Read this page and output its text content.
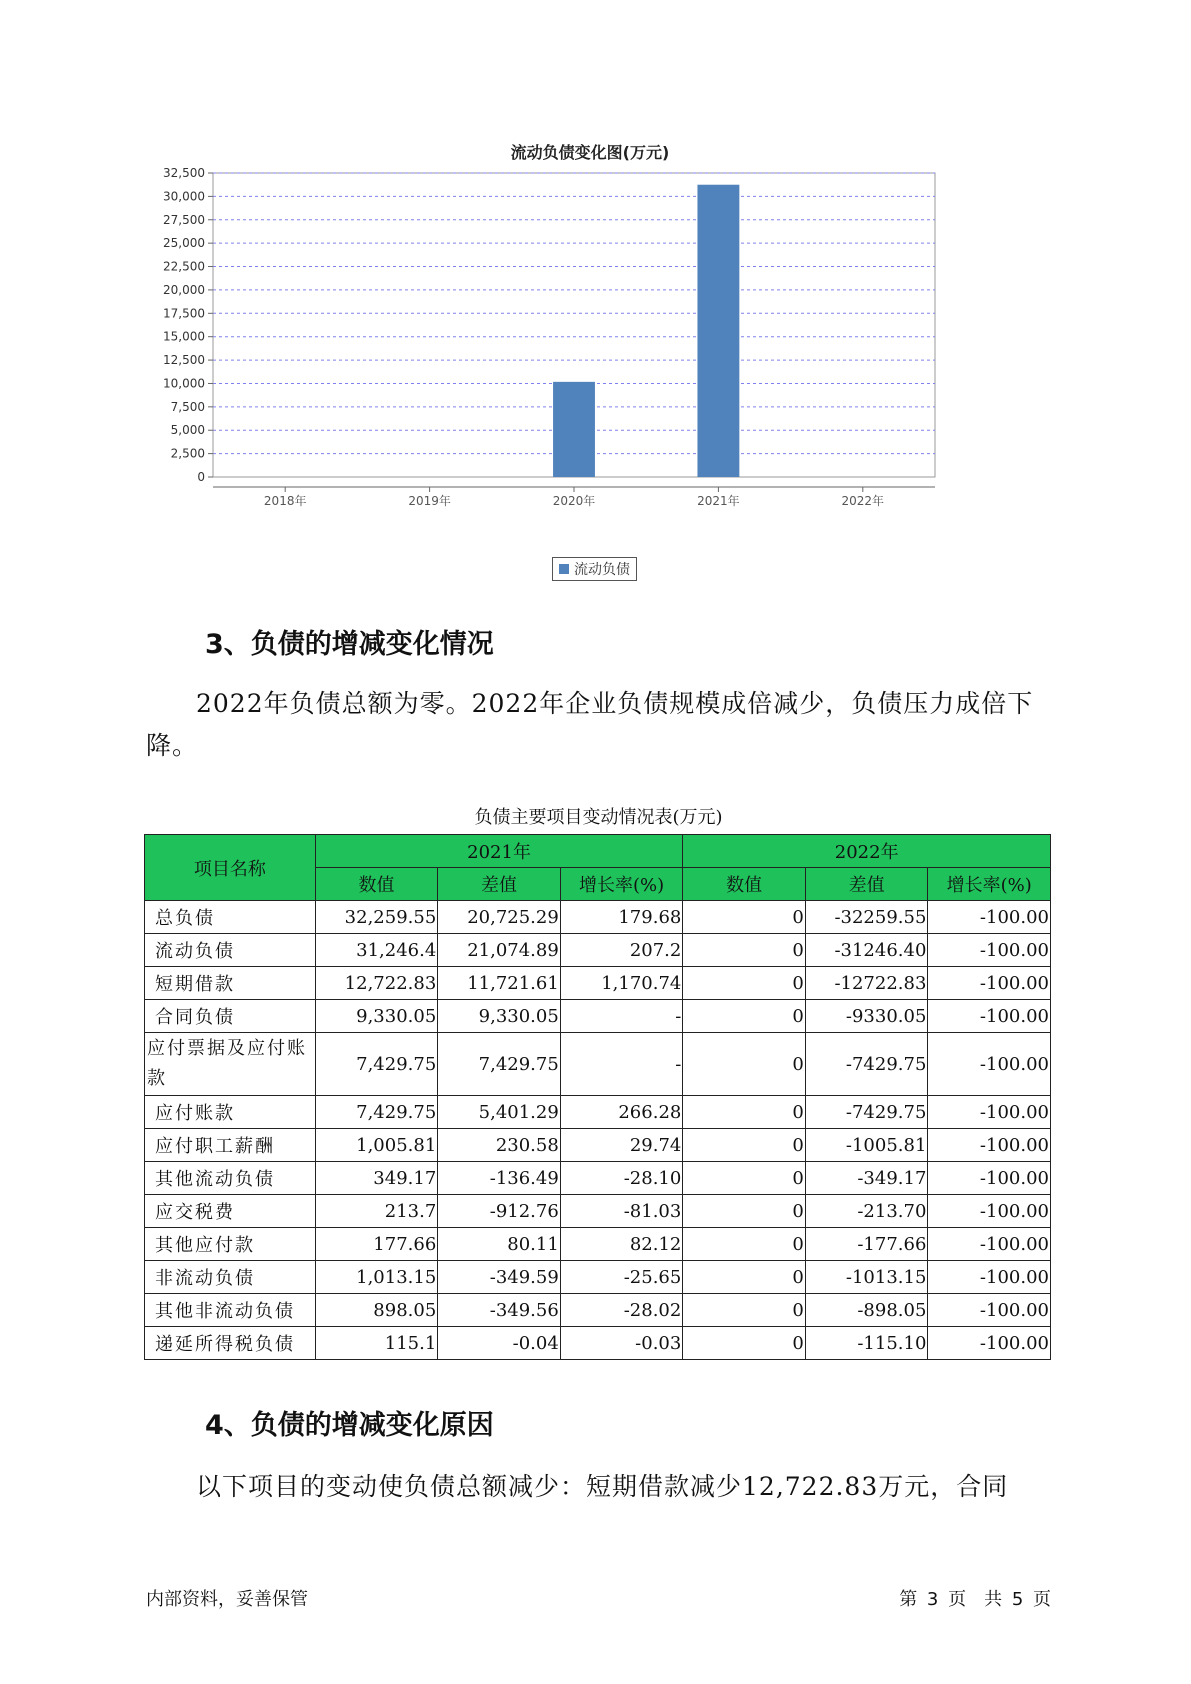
流动负债变化图(万元)
0
2,500
5,000
7,500
10,000
12,500
15,000
17,500
20,000
22,500
25,000
27,500
30,000
32,500
2018年	2019年	2020年	2021年	2022年
流动负债
3、负债的增减变化情况
2022年负债总额为零。2022年企业负债规模成倍减少，负债压力成倍下降。
负债主要项目变动情况表(万元)
项目名称	2021年			2022年		
	数值	差值	增长率(%)	数值	差值	增长率(%)
总负债	32,259.55	20,725.29	179.68	0	-32259.55	-100.00
流动负债	31,246.4	21,074.89	207.2	0	-31246.40	-100.00
短期借款	12,722.83	11,721.61	1,170.74	0	-12722.83	-100.00
合同负债	9,330.05	9,330.05	-	0	-9330.05	-100.00
应付票据及应付账款	7,429.75	7,429.75	-	0	-7429.75	-100.00
应付账款	7,429.75	5,401.29	266.28	0	-7429.75	-100.00
应付职工薪酬	1,005.81	230.58	29.74	0	-1005.81	-100.00
其他流动负债	349.17	-136.49	-28.10	0	-349.17	-100.00
应交税费	213.7	-912.76	-81.03	0	-213.70	-100.00
其他应付款	177.66	80.11	82.12	0	-177.66	-100.00
非流动负债	1,013.15	-349.59	-25.65	0	-1013.15	-100.00
其他非流动负债	898.05	-349.56	-28.02	0	-898.05	-100.00
递延所得税负债	115.1	-0.04	-0.03	0	-115.10	-100.00
4、负债的增减变化原因
以下项目的变动使负债总额减少：短期借款减少12,722.83万元，合同
内部资料，妥善保管	第 3 页　共 5 页
